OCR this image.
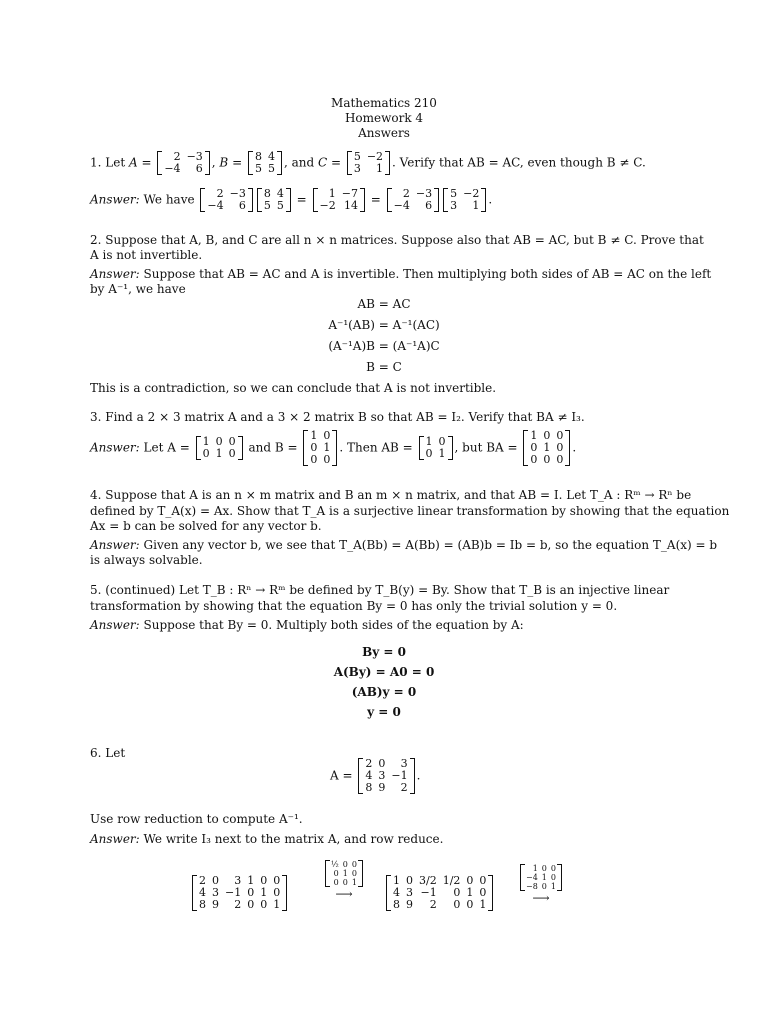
Mathematics 210
Homework 4
Answers
1. Let A = 2	−3
−4	6 , B = 8	4
5	5 , and C = 5	−2
3	1 . Verify that AB = AC, even though B ≠ C.
Answer: We have 2	−3
−4	6
8	4
5	5 = 1	−7
−2	14 = 2	−3
−4	6
5	−2
3	1 .
2. Suppose that A, B, and C are all n × n matrices. Suppose also that AB = AC, but B ≠ C. Prove that
A is not invertible.
Answer: Suppose that AB = AC and A is invertible. Then multiplying both sides of AB = AC on the left
by A⁻¹, we have
AB = AC
A⁻¹(AB) = A⁻¹(AC)
(A⁻¹A)B = (A⁻¹A)C
B = C
This is a contradiction, so we can conclude that A is not invertible.
3. Find a 2 × 3 matrix A and a 3 × 2 matrix B so that AB = I₂. Verify that BA ≠ I₃.
Answer: Let A = 1	0	0
0	1	0 and B =
1	0
0	1
0	0
. Then AB = 1	0
0	1 , but BA =
1	0	0
0	1	0
0	0	0
.
4. Suppose that A is an n × m matrix and B an m × n matrix, and that AB = I. Let T_A : Rᵐ → Rⁿ be
defined by T_A(x) = Ax. Show that T_A is a surjective linear transformation by showing that the equation
Ax = b can be solved for any vector b.
Answer: Given any vector b, we see that T_A(Bb) = A(Bb) = (AB)b = Ib = b, so the equation T_A(x) = b
is always solvable.
5. (continued) Let T_B : Rⁿ → Rᵐ be defined by T_B(y) = By. Show that T_B is an injective linear
transformation by showing that the equation By = 0 has only the trivial solution y = 0.
Answer: Suppose that By = 0. Multiply both sides of the equation by A:
By = 0
A(By) = A0 = 0
(AB)y = 0
y = 0
6. Let
A =
2	0	3
4	3	−1
8	9	2
.
Use row reduction to compute A⁻¹.
Answer: We write I₃ next to the matrix A, and row reduce.
2	0	3	1	0	0
4	3	−1	0	1	0
8	9	2	0	0	1
½	0	0
0	1	0
0	0	1

⟶
1	0	3/2	1/2	0	0
4	3	−1	0	1	0
8	9	2	0	0	1
1	0	0
−4	1	0
−8	0	1

⟶
